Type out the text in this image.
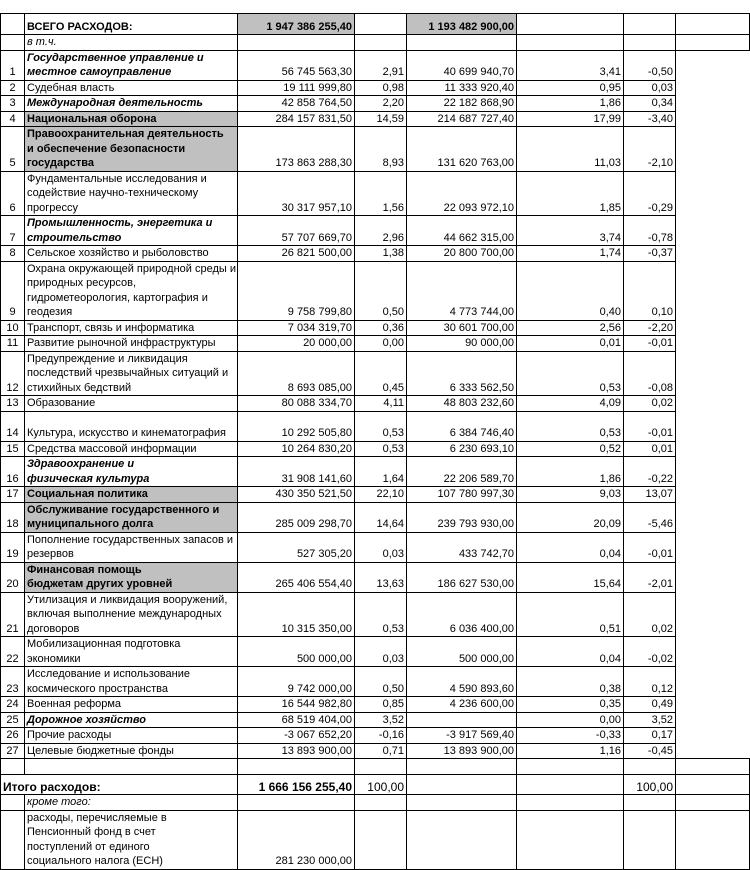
	ВСЕГО РАСХОДОВ:	1 947 386 255,40		1 193 482 900,00			
	в т.ч.						
1	Государственное управление и местное самоуправление	56 745 563,30	2,91	40 699 940,70	3,41	-0,50	
2	Судебная власть	19 111 999,80	0,98	11 333 920,40	0,95	0,03	
3	Международная деятельность	42 858 764,50	2,20	22 182 868,90	1,86	0,34	
4	Национальная оборона	284 157 831,50	14,59	214 687 727,40	17,99	-3,40	
5	Правоохранительная деятельность и обеспечение безопасности государства	173 863 288,30	8,93	131 620 763,00	11,03	-2,10	
6	Фундаментальные исследования и содействие научно-техническому прогрессу	30 317 957,10	1,56	22 093 972,10	1,85	-0,29	
7	Промышленность, энергетика и строительство	57 707 669,70	2,96	44 662 315,00	3,74	-0,78	
8	Сельское хозяйство и рыболовство	26 821 500,00	1,38	20 800 700,00	1,74	-0,37	
9	Охрана окружающей природной среды и природных ресурсов, гидрометеорология, картография и геодезия	9 758 799,80	0,50	4 773 744,00	0,40	0,10	
10	Транспорт, связь и информатика	7 034 319,70	0,36	30 601 700,00	2,56	-2,20	
11	Развитие рыночной инфраструктуры	20 000,00	0,00	90 000,00	0,01	-0,01	
12	Предупреждение и ликвидация последствий чрезвычайных ситуаций и стихийных бедствий	8 693 085,00	0,45	6 333 562,50	0,53	-0,08	
13	Образование	80 088 334,70	4,11	48 803 232,60	4,09	0,02	
14	Культура, искусство и кинематография	10 292 505,80	0,53	6 384 746,40	0,53	-0,01	
15	Средства массовой информации	10 264 830,20	0,53	6 230 693,10	0,52	0,01	
16	Здравоохранение и физическая культура	31 908 141,60	1,64	22 206 589,70	1,86	-0,22	
17	Социальная политика	430 350 521,50	22,10	107 780 997,30	9,03	13,07	
18	Обслуживание государственного и муниципального долга	285 009 298,70	14,64	239 793 930,00	20,09	-5,46	
19	Пополнение государственных запасов и резервов	527 305,20	0,03	433 742,70	0,04	-0,01	
20	Финансовая помощь бюджетам других уровней	265 406 554,40	13,63	186 627 530,00	15,64	-2,01	
21	Утилизация и ликвидация вооружений, включая выполнение международных договоров	10 315 350,00	0,53	6 036 400,00	0,51	0,02	
22	Мобилизационная подготовка экономики	500 000,00	0,03	500 000,00	0,04	-0,02	
23	Исследование и использование космического пространства	9 742 000,00	0,50	4 590 893,60	0,38	0,12	
24	Военная реформа	16 544 982,80	0,85	4 236 600,00	0,35	0,49	
25	Дорожное хозяйство	68 519 404,00	3,52		0,00	3,52	
26	Прочие расходы	-3 067 652,20	-0,16	-3 917 569,40	-0,33	0,17	
27	Целевые бюджетные фонды	13 893 900,00	0,71	13 893 900,00	1,16	-0,45	

Итого расходов:		1 666 156 255,40	100,00			100,00	
	кроме того:						
	расходы, перечисляемые в Пенсионный фонд в счет поступлений от единого социального налога (ЕСН)	281 230 000,00					
